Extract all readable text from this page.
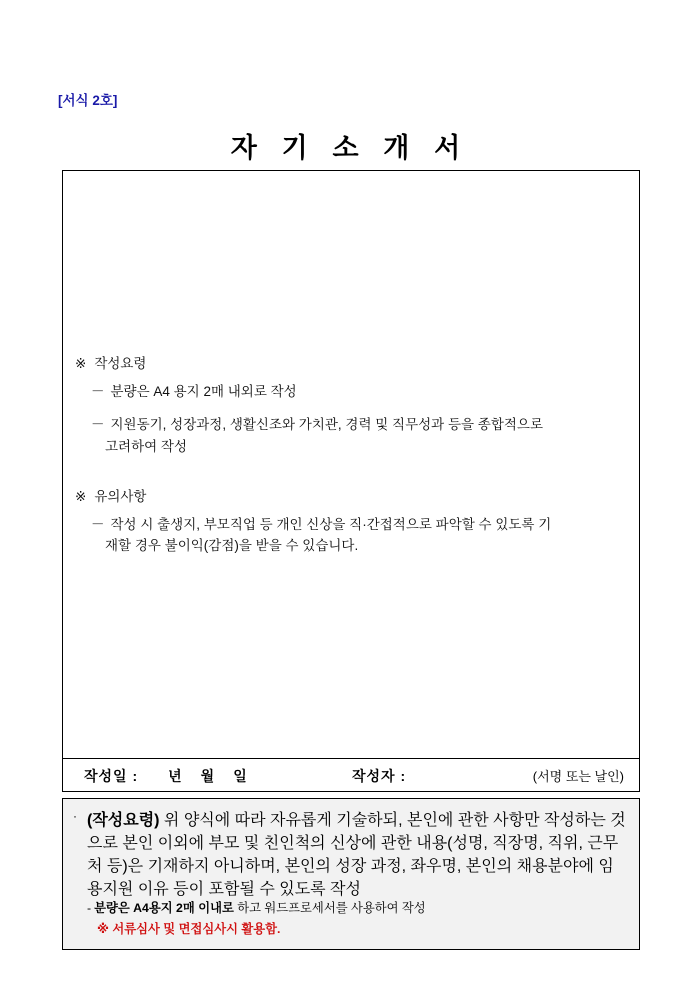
[서식 2호]
자 기 소 개 서
※ 작성요령
－ 분량은 A4 용지 2매 내외로 작성
－ 지원동기, 성장과정, 생활신조와 가치관, 경력 및 직무성과 등을 종합적으로
고려하여 작성
※ 유의사항
－ 작성 시 출생지, 부모직업 등 개인 신상을 직·간접적으로 파악할 수 있도록 기
재할 경우 불이익(감점)을 받을 수 있습니다.
작성일 : 년 월 일	작성자 :	(서명 또는 날인)
· (작성요령) 위 양식에 따라 자유롭게 기술하되, 본인에 관한 사항만 작성하는 것으로 본인 이외에 부모 및 친인척의 신상에 관한 내용(성명, 직장명, 직위, 근무처 등)은 기재하지 아니하며, 본인의 성장 과정, 좌우명, 본인의 채용분야에 임용지원 이유 등이 포함될 수 있도록 작성
- 분량은 A4용지 2매 이내로 하고 워드프로세서를 사용하여 작성
※ 서류심사 및 면접심사시 활용함.
